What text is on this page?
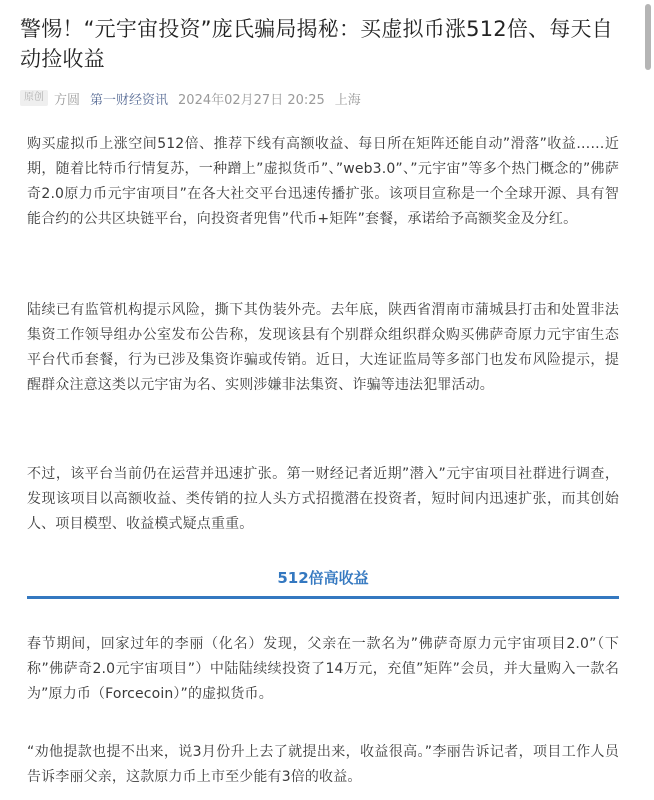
警惕！“元宇宙投资”庞氏骗局揭秘：买虚拟币涨512倍、每天自动捡收益
原创 方圆 第一财经资讯 2024年02月27日 20:25 上海

购买虚拟币上涨空间512倍、推荐下线有高额收益、每日所在矩阵还能自动”滑落”收益……近期，随着比特币行情复苏，一种蹭上”虚拟货币”、”web3.0”、”元宇宙”等多个热门概念的”佛萨奇2.0原力币元宇宙项目”在各大社交平台迅速传播扩张。该项目宣称是一个全球开源、具有智能合约的公共区块链平台，向投资者兜售”代币+矩阵”套餐，承诺给予高额奖金及分红。

陆续已有监管机构提示风险，撕下其伪装外壳。去年底，陕西省渭南市蒲城县打击和处置非法集资工作领导组办公室发布公告称，发现该县有个别群众组织群众购买佛萨奇原力元宇宙生态平台代币套餐，行为已涉及集资诈骗或传销。近日，大连证监局等多部门也发布风险提示，提醒群众注意这类以元宇宙为名、实则涉嫌非法集资、诈骗等违法犯罪活动。

不过，该平台当前仍在运营并迅速扩张。第一财经记者近期”潜入”元宇宙项目社群进行调查，发现该项目以高额收益、类传销的拉人头方式招揽潜在投资者，短时间内迅速扩张，而其创始人、项目模型、收益模式疑点重重。

512倍高收益

春节期间，回家过年的李丽（化名）发现，父亲在一款名为”佛萨奇原力元宇宙项目2.0”（下称”佛萨奇2.0元宇宙项目”）中陆陆续续投资了14万元，充值”矩阵”会员，并大量购入一款名为”原力币（Forcecoin）”的虚拟货币。

“劝他提款也提不出来，说3月份升上去了就提出来，收益很高。”李丽告诉记者，项目工作人员告诉李丽父亲，这款原力币上市至少能有3倍的收益。
